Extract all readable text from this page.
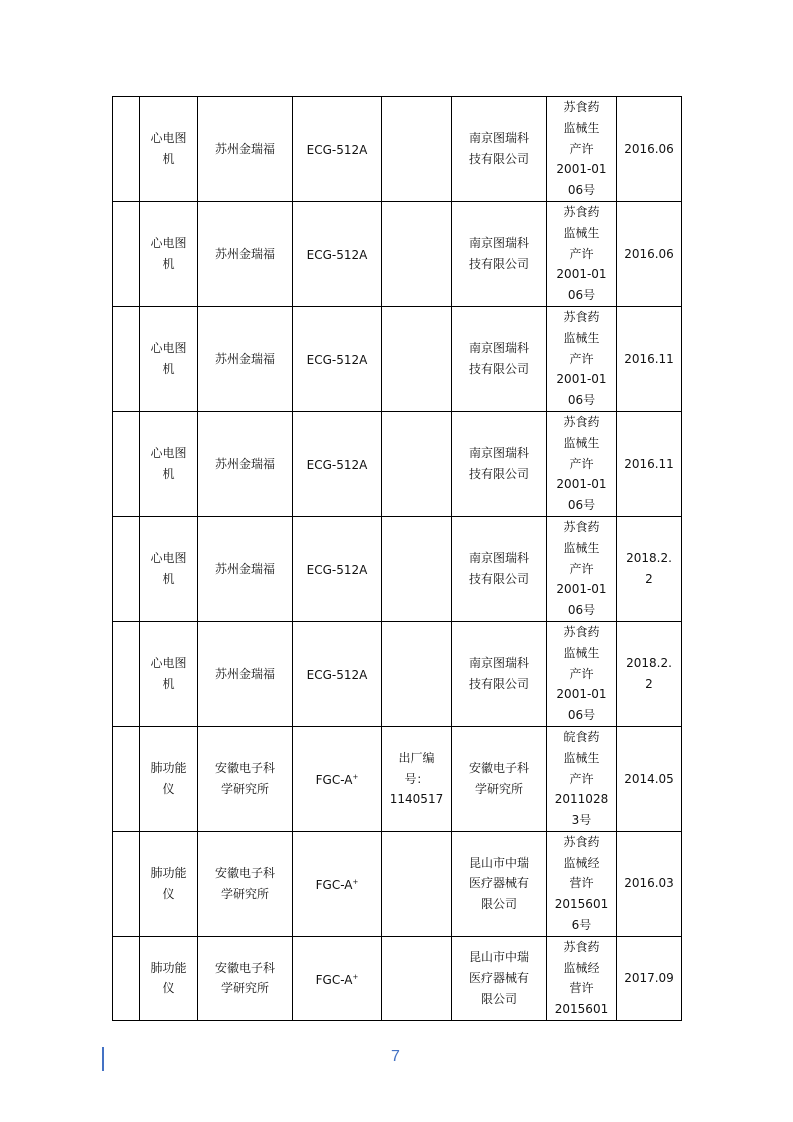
	心电图
机	苏州金瑞福	ECG-512A		南京图瑞科
技有限公司	苏食药
监械生
产许
2001-01
06号	2016.06
	心电图
机	苏州金瑞福	ECG-512A		南京图瑞科
技有限公司	苏食药
监械生
产许
2001-01
06号	2016.06
	心电图
机	苏州金瑞福	ECG-512A		南京图瑞科
技有限公司	苏食药
监械生
产许
2001-01
06号	2016.11
	心电图
机	苏州金瑞福	ECG-512A		南京图瑞科
技有限公司	苏食药
监械生
产许
2001-01
06号	2016.11
	心电图
机	苏州金瑞福	ECG-512A		南京图瑞科
技有限公司	苏食药
监械生
产许
2001-01
06号	2018.2.
2
	心电图
机	苏州金瑞福	ECG-512A		南京图瑞科
技有限公司	苏食药
监械生
产许
2001-01
06号	2018.2.
2
	肺功能
仪	安徽电子科
学研究所	FGC-A+	出厂编
号：
1140517	安徽电子科
学研究所	皖食药
监械生
产许
2011028
3号	2014.05
	肺功能
仪	安徽电子科
学研究所	FGC-A+		昆山市中瑞
医疗器械有
限公司	苏食药
监械经
营许
2015601
6号	2016.03
	肺功能
仪	安徽电子科
学研究所	FGC-A+		昆山市中瑞
医疗器械有
限公司	苏食药
监械经
营许
2015601	2017.09
7
